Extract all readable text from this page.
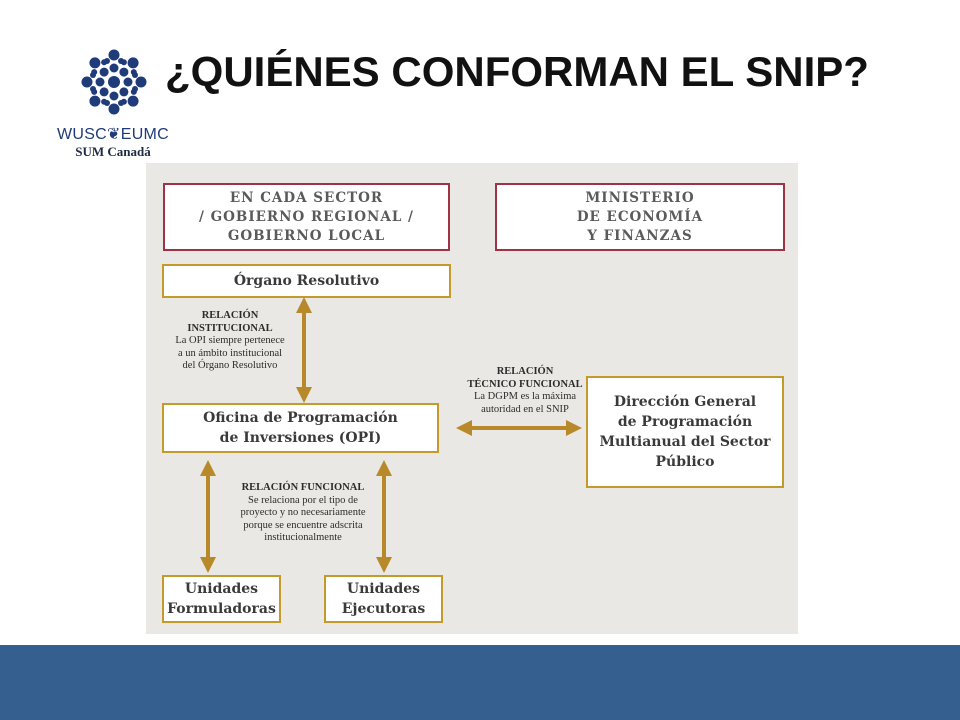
WUSC❦EUMC
SUM Canadá
¿QUIÉNES CONFORMAN EL SNIP?
EN CADA SECTOR
/ GOBIERNO REGIONAL /
GOBIERNO LOCAL
MINISTERIO
DE ECONOMÍA
Y FINANZAS
Órgano Resolutivo
Oficina de Programación
de Inversiones (OPI)
Dirección General
de Programación
Multianual del Sector
Público
Unidades
Formuladoras
Unidades
Ejecutoras
RELACIÓN
INSTITUCIONAL
La OPI siempre pertenece
a un ámbito institucional
del Órgano Resolutivo
RELACIÓN
TÉCNICO FUNCIONAL
La DGPM es la máxima
autoridad en el SNIP
RELACIÓN FUNCIONAL
Se relaciona por el tipo de
proyecto y no necesariamente
porque se encuentre adscrita
institucionalmente
